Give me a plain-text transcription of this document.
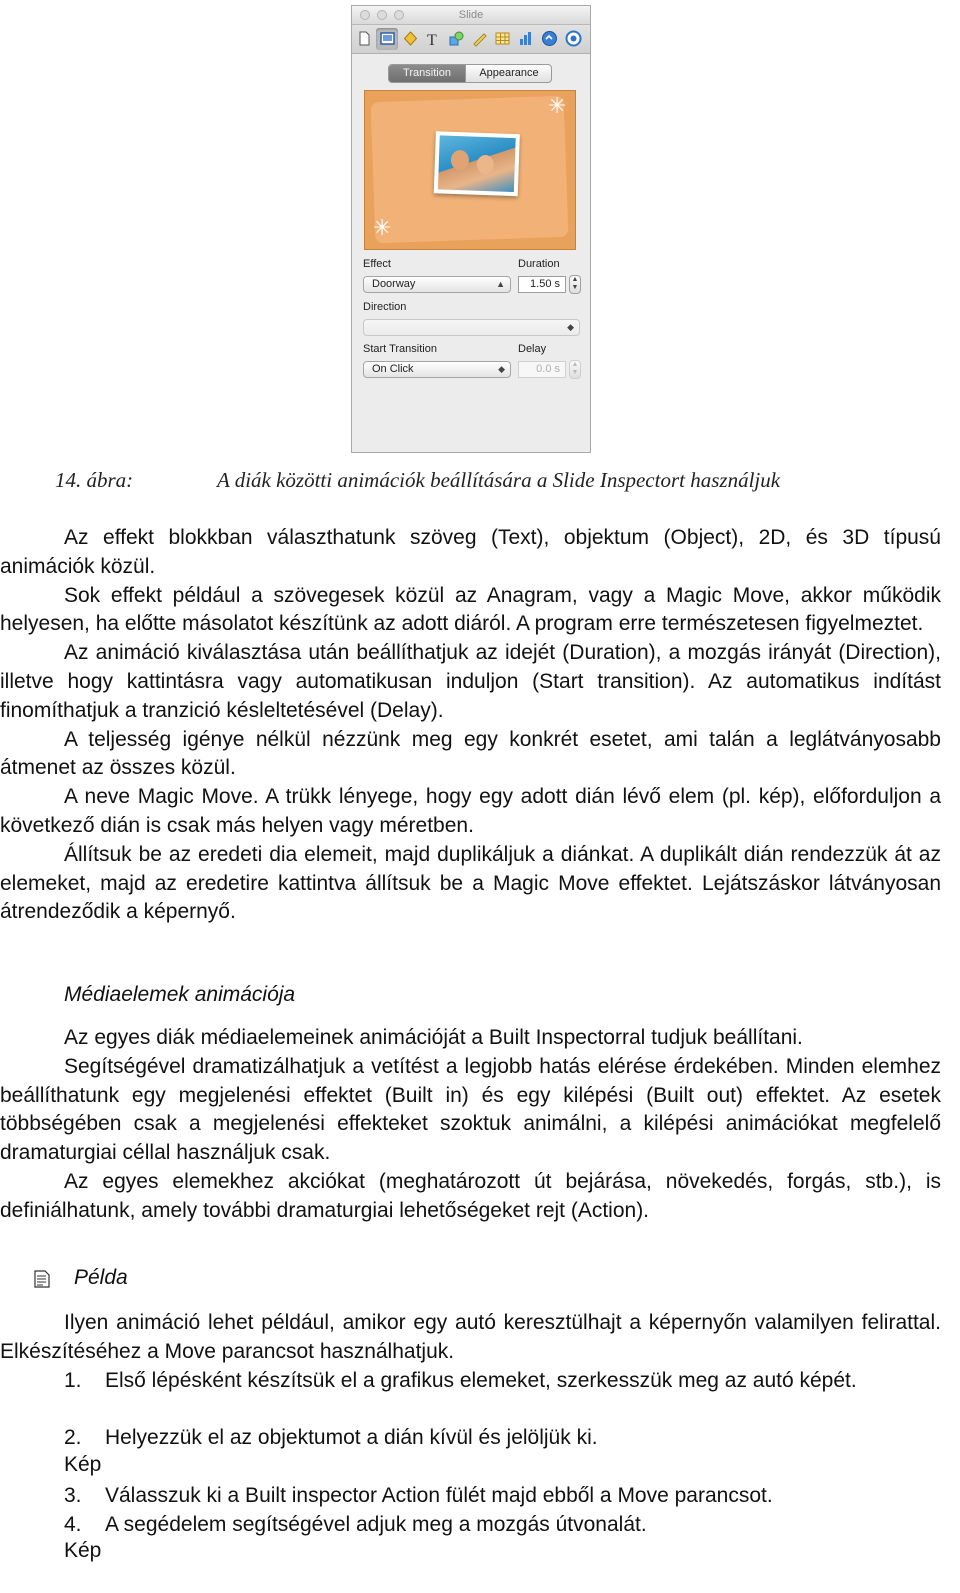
Slide
T
Transition	Appearance
✳
✳
Effect
Doorway	▲

Duration
1.50 s	▲
▼
Direction
◆
Start Transition
On Click	◆
Delay
0.0 s	▲
▼
14. ábra:	A diák közötti animációk beállítására a Slide Inspectort használjuk

Az effekt blokkban választhatunk szöveg (Text), objektum (Object), 2D, és 3D típusú animációk közül.

Sok effekt például a szövegesek közül az Anagram, vagy a Magic Move, akkor működik helyesen, ha előtte másolatot készítünk az adott diáról. A program erre természetesen figyelmeztet.

Az animáció kiválasztása után beállíthatjuk az idejét (Duration), a mozgás irányát (Direction), illetve hogy kattintásra vagy automatikusan induljon (Start transition). Az automatikus indítást finomíthatjuk a tranzició késleltetésével (Delay).

A teljesség igénye nélkül nézzünk meg egy konkrét esetet, ami talán a leglátványosabb átmenet az összes közül.

A neve Magic Move. A trükk lényege, hogy egy adott dián lévő elem (pl. kép), előforduljon a következő dián is csak más helyen vagy méretben.

Állítsuk be az eredeti dia elemeit, majd duplikáljuk a diánkat. A duplikált dián rendezzük át az elemeket, majd az eredetire kattintva állítsuk be a Magic Move effektet. Lejátszáskor látványosan átrendeződik a képernyő.

Médiaelemek animációja

Az egyes diák médiaelemeinek animációját a Built Inspectorral tudjuk beállítani.

Segítségével dramatizálhatjuk a vetítést a legjobb hatás elérése érdekében. Minden elemhez beállíthatunk egy megjelenési effektet (Built in) és egy kilépési (Built out) effektet. Az esetek többségében csak a megjelenési effekteket szoktuk animálni, a kilépési animációkat megfelelő dramaturgiai céllal használjuk csak.

Az egyes elemekhez akciókat (meghatározott út bejárása, növekedés, forgás, stb.), is definiálhatunk, amely további dramaturgiai lehetőségeket rejt (Action).

Példa

Ilyen animáció lehet például, amikor egy autó keresztülhajt a képernyőn valamilyen felirattal. Elkészítéséhez a Move parancsot használhatjuk.

1. Első lépésként készítsük el a grafikus elemeket, szerkesszük meg az autó képét.
2. Helyezzük el az objektumot a dián kívül és jelöljük ki.
Kép
3. Válasszuk ki a Built inspector Action fülét majd ebből a Move parancsot.
4. A segédelem segítségével adjuk meg a mozgás útvonalát.
Kép
